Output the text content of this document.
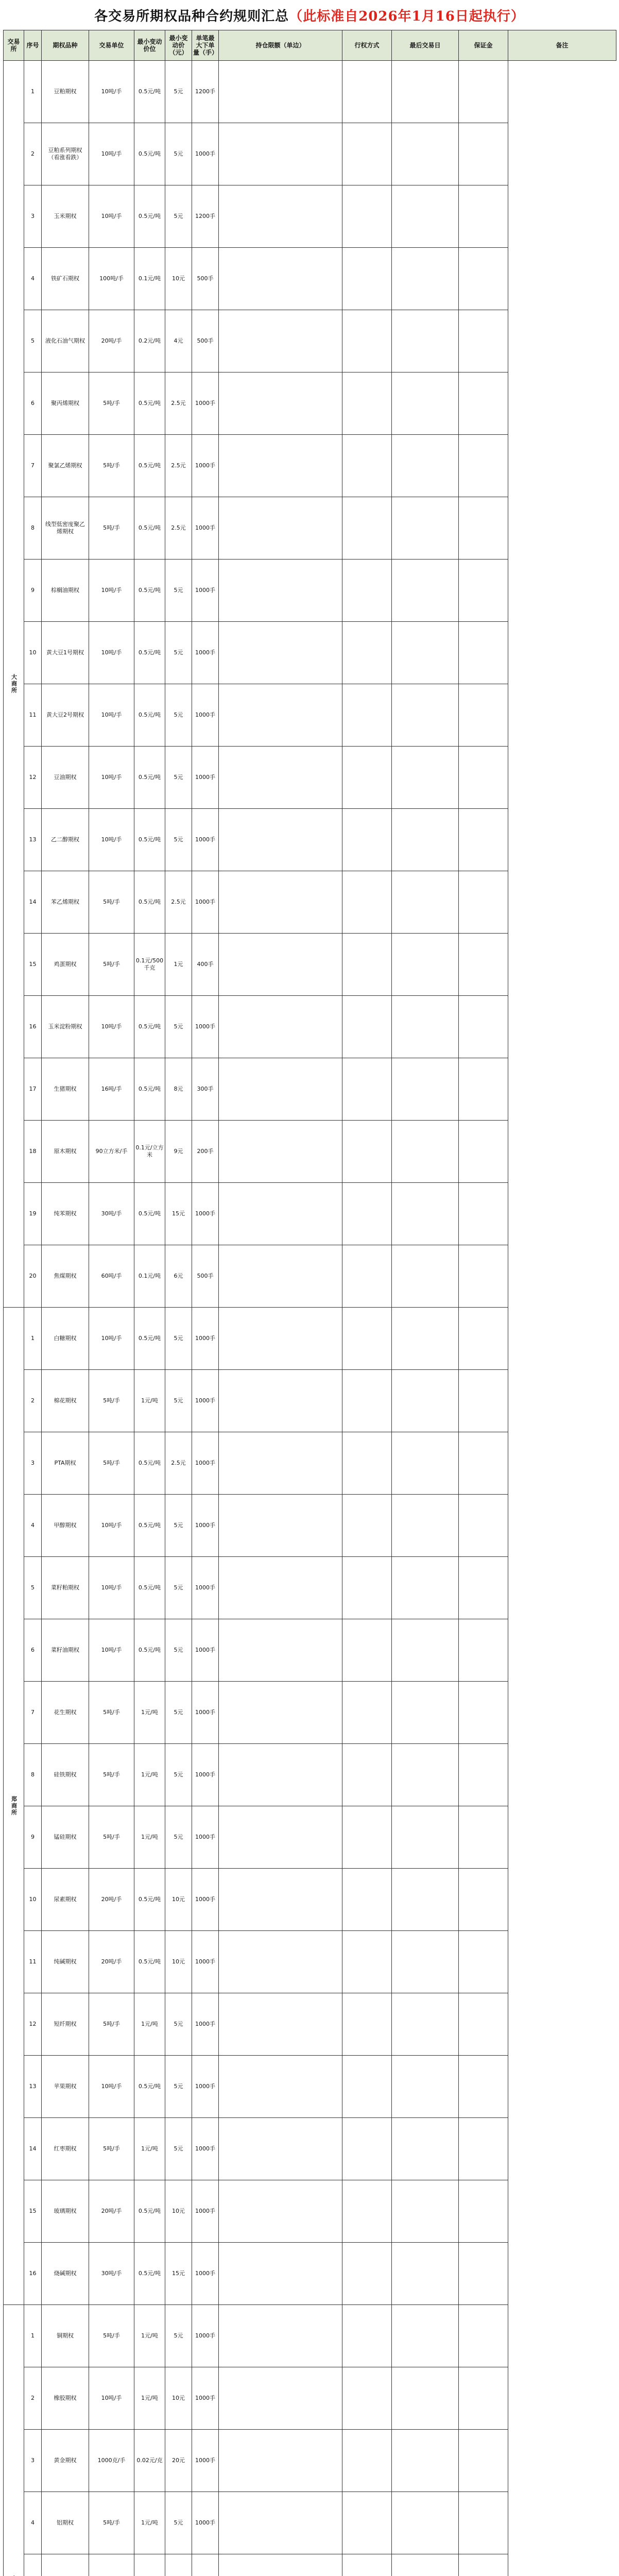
各交易所期权品种合约规则汇总（此标准自2026年1月16日起执行）
交易所	序号	期权品种	交易单位	最小变动价位	最小变动价（元）	单笔最大下单量（手）	持仓限额（单边）	行权方式	最后交易日	保证金	备注
大商所	1	豆粕期权	10吨/手	0.5元/吨	5元	1200手					
	2	豆粕系列期权（看涨看跌）	10吨/手	0.5元/吨	5元	1000手					
	3	玉米期权	10吨/手	0.5元/吨	5元	1200手					
	4	铁矿石期权	100吨/手	0.1元/吨	10元	500手					
	5	液化石油气期权	20吨/手	0.2元/吨	4元	500手					
	6	聚丙烯期权	5吨/手	0.5元/吨	2.5元	1000手					
	7	聚氯乙烯期权	5吨/手	0.5元/吨	2.5元	1000手					
	8	线型低密度聚乙烯期权	5吨/手	0.5元/吨	2.5元	1000手					
	9	棕榈油期权	10吨/手	0.5元/吨	5元	1000手					
	10	黄大豆1号期权	10吨/手	0.5元/吨	5元	1000手					
	11	黄大豆2号期权	10吨/手	0.5元/吨	5元	1000手					
	12	豆油期权	10吨/手	0.5元/吨	5元	1000手					
	13	乙二醇期权	10吨/手	0.5元/吨	5元	1000手					
	14	苯乙烯期权	5吨/手	0.5元/吨	2.5元	1000手					
	15	鸡蛋期权	5吨/手	0.1元/500千克	1元	400手					
	16	玉米淀粉期权	10吨/手	0.5元/吨	5元	1000手					
	17	生猪期权	16吨/手	0.5元/吨	8元	300手					
	18	原木期权	90立方米/手	0.1元/立方米	9元	200手					
	19	纯苯期权	30吨/手	0.5元/吨	15元	1000手					
	20	焦煤期权	60吨/手	0.1元/吨	6元	500手					
郑商所	1	白糖期权	10吨/手	0.5元/吨	5元	1000手					
	2	棉花期权	5吨/手	1元/吨	5元	1000手					
	3	PTA期权	5吨/手	0.5元/吨	2.5元	1000手					
	4	甲醇期权	10吨/手	0.5元/吨	5元	1000手					
	5	菜籽粕期权	10吨/手	0.5元/吨	5元	1000手					
	6	菜籽油期权	10吨/手	0.5元/吨	5元	1000手					
	7	花生期权	5吨/手	1元/吨	5元	1000手					
	8	硅铁期权	5吨/手	1元/吨	5元	1000手					
	9	锰硅期权	5吨/手	1元/吨	5元	1000手					
	10	尿素期权	20吨/手	0.5元/吨	10元	1000手					
	11	纯碱期权	20吨/手	0.5元/吨	10元	1000手					
	12	短纤期权	5吨/手	1元/吨	5元	1000手					
	13	苹果期权	10吨/手	0.5元/吨	5元	1000手					
	14	红枣期权	5吨/手	1元/吨	5元	1000手					
	15	玻璃期权	20吨/手	0.5元/吨	10元	1000手					
	16	烧碱期权	30吨/手	0.5元/吨	15元	1000手					
	1	铜期权	5吨/手	1元/吨	5元	1000手					
	2	橡胶期权	10吨/手	1元/吨	10元	1000手					
	3	黄金期权	1000克/手	0.02元/克	20元	1000手					
	4	铝期权	5吨/手	1元/吨	5元	1000手					
